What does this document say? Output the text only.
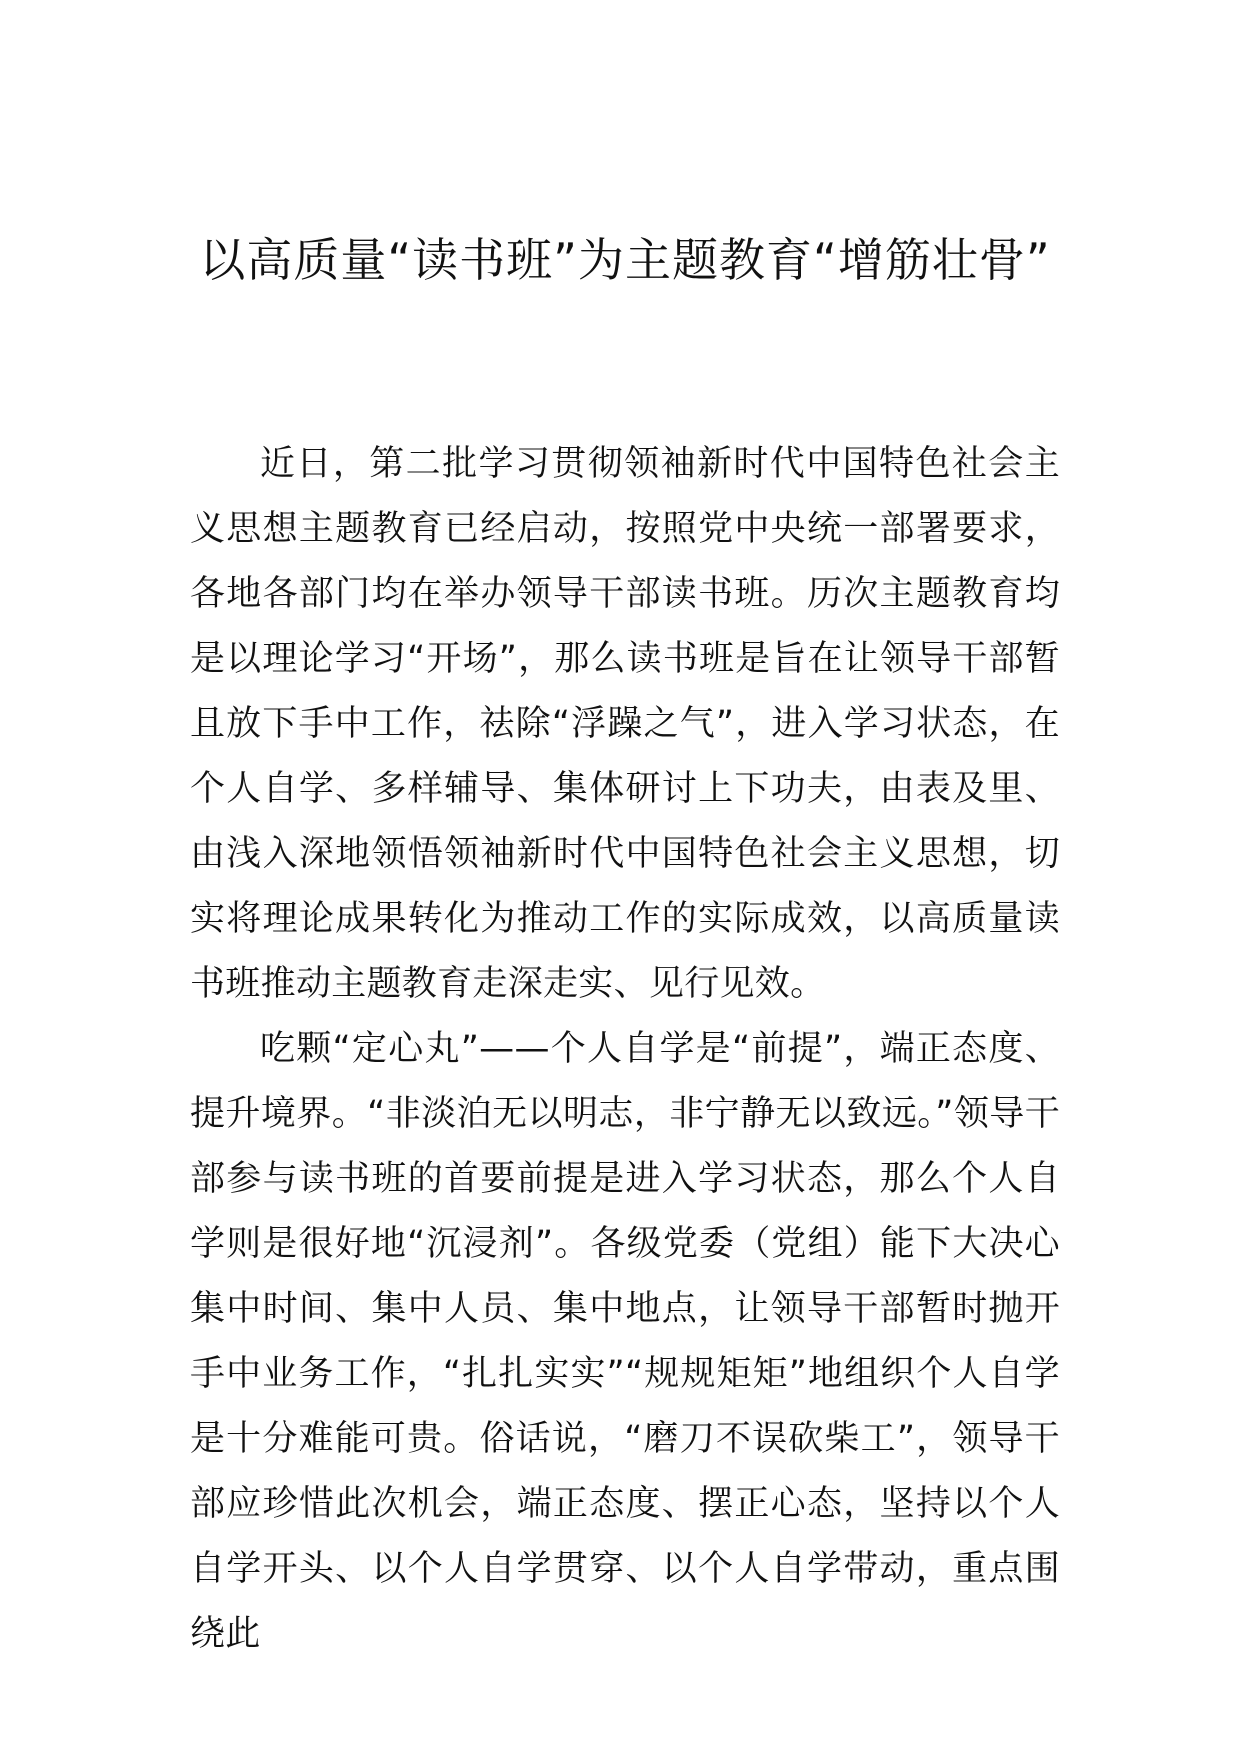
以高质量“读书班”为主题教育“增筋壮骨”

近日，第二批学习贯彻领袖新时代中国特色社会主义思想主题教育已经启动，按照党中央统一部署要求，各地各部门均在举办领导干部读书班。历次主题教育均是以理论学习“开场”，那么读书班是旨在让领导干部暂且放下手中工作，祛除“浮躁之气”，进入学习状态，在个人自学、多样辅导、集体研讨上下功夫，由表及里、由浅入深地领悟领袖新时代中国特色社会主义思想，切实将理论成果转化为推动工作的实际成效，以高质量读书班推动主题教育走深走实、见行见效。

吃颗“定心丸”——个人自学是“前提”，端正态度、提升境界。“非淡泊无以明志，非宁静无以致远。”领导干部参与读书班的首要前提是进入学习状态，那么个人自学则是很好地“沉浸剂”。各级党委（党组）能下大决心集中时间、集中人员、集中地点，让领导干部暂时抛开手中业务工作，“扎扎实实”“规规矩矩”地组织个人自学是十分难能可贵。俗话说，“磨刀不误砍柴工”，领导干部应珍惜此次机会，端正态度、摆正心态，坚持以个人自学开头、以个人自学贯穿、以个人自学带动，重点围绕此
